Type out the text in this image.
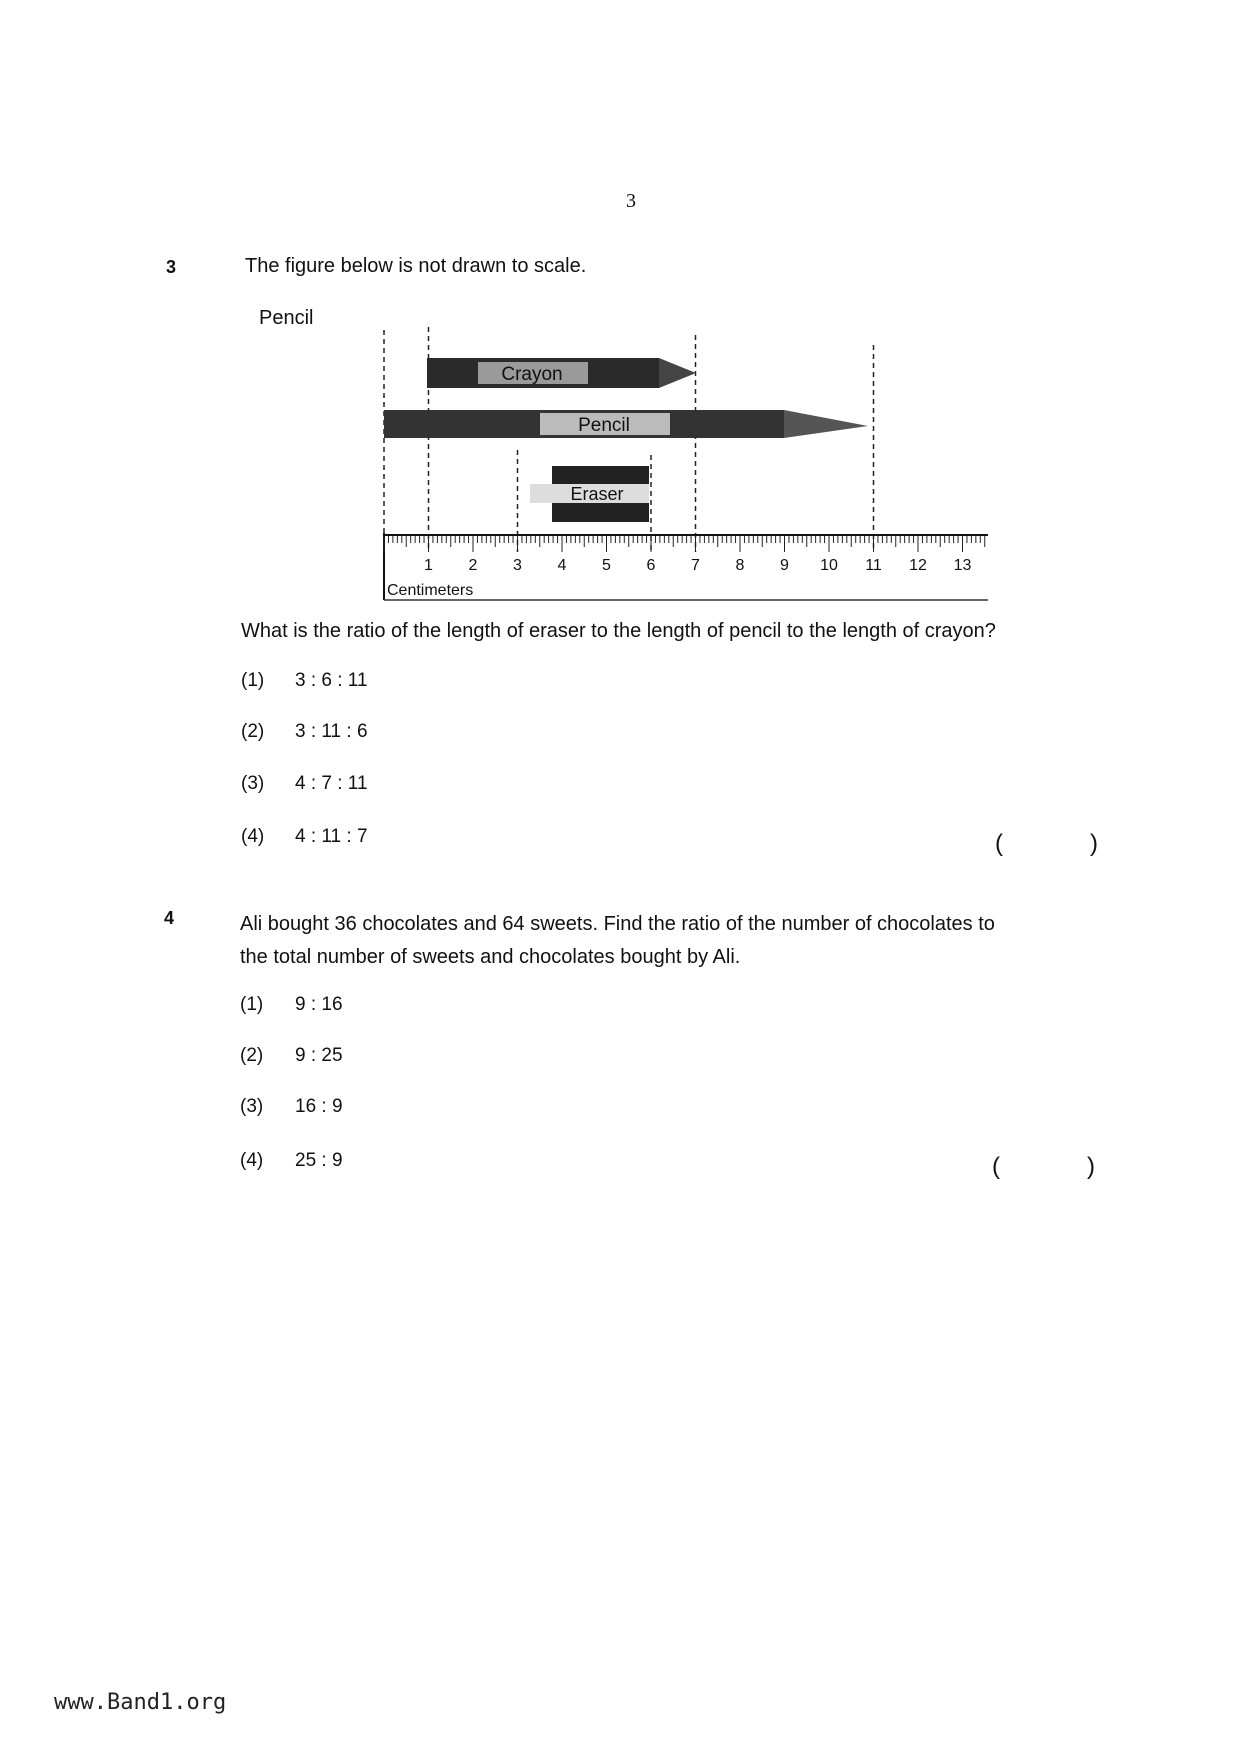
3
3	The figure below is not drawn to scale.
Pencil
Crayon
Pencil
Eraser
1 2 3 4 5 6 7 8 9 10 11 12 13
Centimeters
What is the ratio of the length of eraser to the length of pencil to the length of crayon?
(1) 3 : 6 : 11
(2) 3 : 11 : 6
(3) 4 : 7 : 11
(4) 4 : 11 : 7	(	)
4	Ali bought 36 chocolates and 64 sweets. Find the ratio of the number of chocolates to
the total number of sweets and chocolates bought by Ali.
(1) 9 : 16
(2) 9 : 25
(3) 16 : 9
(4) 25 : 9	(	)
www.Band1.org
